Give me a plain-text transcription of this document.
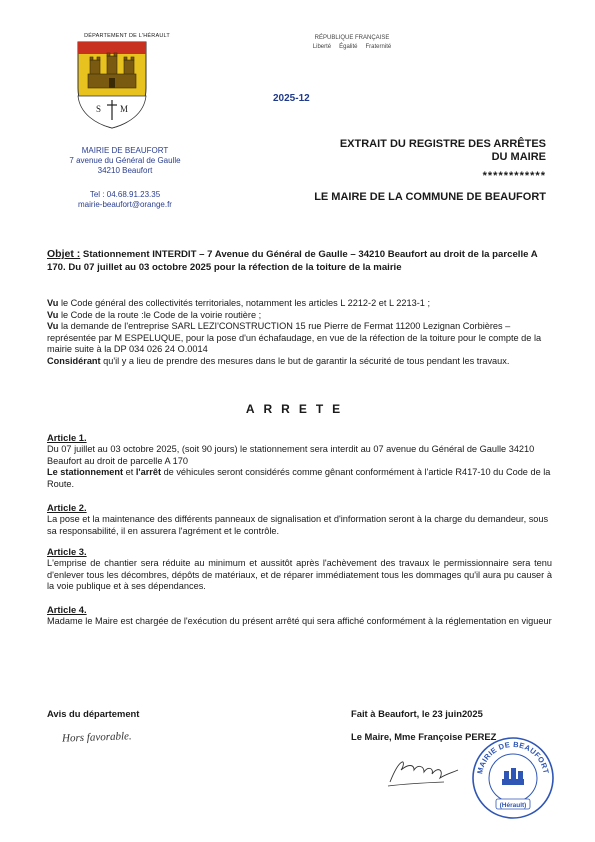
DÉPARTEMENT DE L'HÉRAULT
S M
MAIRIE DE BEAUFORT
7 avenue du Général de Gaulle
34210 Beaufort
Tel : 04.68.91.23.35
mairie-beaufort@orange.fr
RÉPUBLIQUE FRANÇAISE
Liberté Égalité Fraternité
2025-12
EXTRAIT DU REGISTRE DES ARRÊTES
DU MAIRE
************
LE MAIRE DE LA COMMUNE DE BEAUFORT
Objet : Stationnement INTERDIT – 7 Avenue du Général de Gaulle – 34210 Beaufort au droit de la parcelle A 170. Du 07 juillet au 03 octobre 2025 pour la réfection de la toiture de la mairie

Vu le Code général des collectivités territoriales, notamment les articles L 2212-2 et L 2213-1 ;

Vu le Code de la route :le Code de la voirie routière ;

Vu la demande de l'entreprise SARL LEZI'CONSTRUCTION 15 rue Pierre de Fermat 11200 Lezignan Corbières – représentée par M ESPELUQUE, pour la pose d'un échafaudage, en vue de la réfection de la toiture pour le compte de la mairie suite à la DP 034 026 24 O.0014

Considérant qu'il y a lieu de prendre des mesures dans le but de garantir la sécurité de tous pendant les travaux.

ARRETE
Article 1.

Du 07 juillet au 03 octobre 2025, (soit 90 jours) le stationnement sera interdit au 07 avenue du Général de Gaulle 34210 Beaufort au droit de parcelle A 170

Le stationnement et l'arrêt de véhicules seront considérés comme gênant conformément à l'article R417-10 du Code de la Route.

Article 2.

La pose et la maintenance des différents panneaux de signalisation et d'information seront à la charge du demandeur, sous sa responsabilité, il en assurera l'agrément et le contrôle.

Article 3.

L'emprise de chantier sera réduite au minimum et aussitôt après l'achèvement des travaux le permissionnaire sera tenu d'enlever tous les décombres, dépôts de matériaux, et de réparer immédiatement tous les dommages qu'il aura pu causer à la voie publique et à ses dépendances.

Article 4.

Madame le Maire est chargée de l'exécution du présent arrêté qui sera affiché conformément à la réglementation en vigueur

Avis du département
Hors favorable.
Fait à Beaufort, le 23 juin2025
Le Maire, Mme Françoise PEREZ
MAIRIE DE BEAUFORT
(Hérault)
